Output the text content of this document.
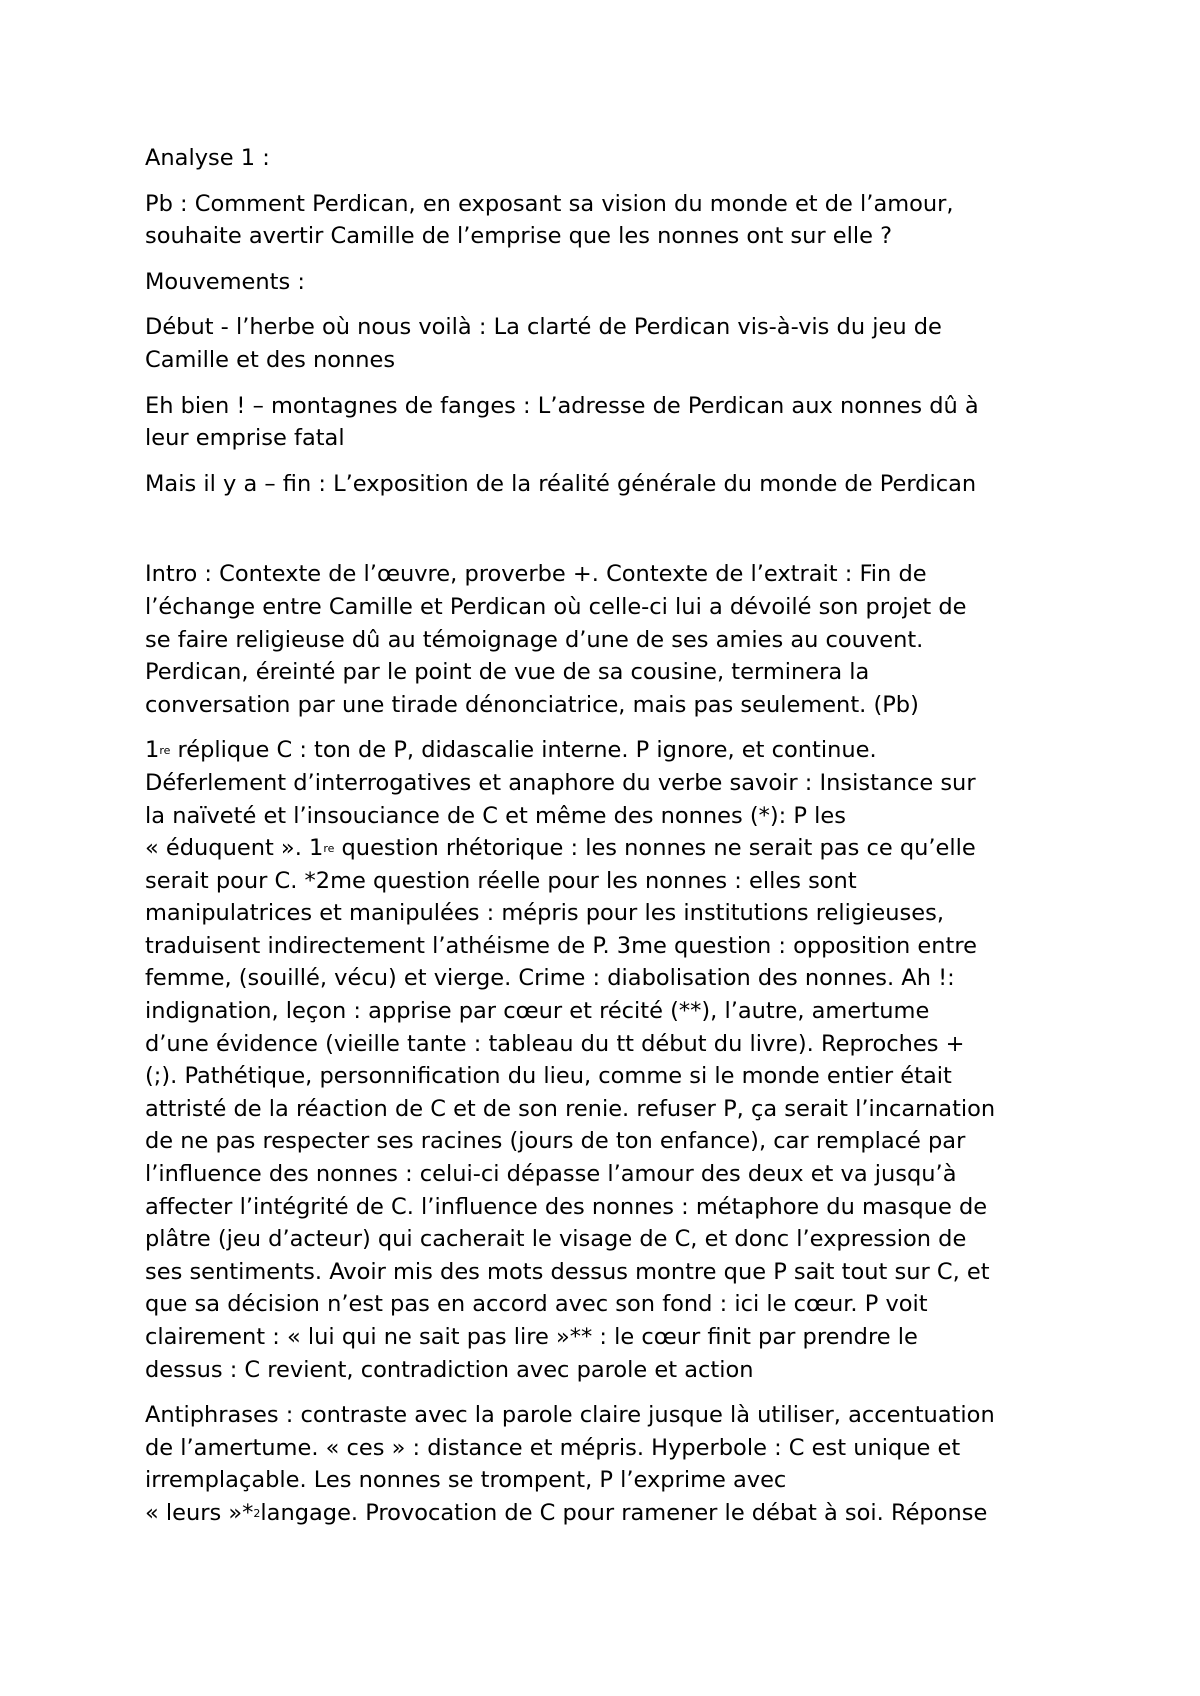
Analyse 1 :

Pb : Comment Perdican, en exposant sa vision du monde et de l’amour,
souhaite avertir Camille de l’emprise que les nonnes ont sur elle ?

Mouvements :

Début - l’herbe où nous voilà : La clarté de Perdican vis-à-vis du jeu de
Camille et des nonnes

Eh bien ! – montagnes de fanges : L’adresse de Perdican aux nonnes dû à
leur emprise fatal

Mais il y a – fin : L’exposition de la réalité générale du monde de Perdican

Intro : Contexte de l’œuvre, proverbe +. Contexte de l’extrait : Fin de
l’échange entre Camille et Perdican où celle-ci lui a dévoilé son projet de
se faire religieuse dû au témoignage d’une de ses amies au couvent.
Perdican, éreinté par le point de vue de sa cousine, terminera la
conversation par une tirade dénonciatrice, mais pas seulement. (Pb)

1re réplique C : ton de P, didascalie interne. P ignore, et continue.
Déferlement d’interrogatives et anaphore du verbe savoir : Insistance sur
la naïveté et l’insouciance de C et même des nonnes (*): P les
« éduquent ». 1re question rhétorique : les nonnes ne serait pas ce qu’elle
serait pour C. *2me question réelle pour les nonnes : elles sont
manipulatrices et manipulées : mépris pour les institutions religieuses,
traduisent indirectement l’athéisme de P. 3me question : opposition entre
femme, (souillé, vécu) et vierge. Crime : diabolisation des nonnes. Ah !:
indignation, leçon : apprise par cœur et récité (**), l’autre, amertume
d’une évidence (vieille tante : tableau du tt début du livre). Reproches +
(;). Pathétique, personnification du lieu, comme si le monde entier était
attristé de la réaction de C et de son renie. refuser P, ça serait l’incarnation
de ne pas respecter ses racines (jours de ton enfance), car remplacé par
l’influence des nonnes : celui-ci dépasse l’amour des deux et va jusqu’à
affecter l’intégrité de C. l’influence des nonnes : métaphore du masque de
plâtre (jeu d’acteur) qui cacherait le visage de C, et donc l’expression de
ses sentiments. Avoir mis des mots dessus montre que P sait tout sur C, et
que sa décision n’est pas en accord avec son fond : ici le cœur. P voit
clairement : « lui qui ne sait pas lire »** : le cœur finit par prendre le
dessus : C revient, contradiction avec parole et action

Antiphrases : contraste avec la parole claire jusque là utiliser, accentuation
de l’amertume. « ces » : distance et mépris. Hyperbole : C est unique et
irremplaçable. Les nonnes se trompent, P l’exprime avec
« leurs »*$^2$langage. Provocation de C pour ramener le débat à soi. Réponse
